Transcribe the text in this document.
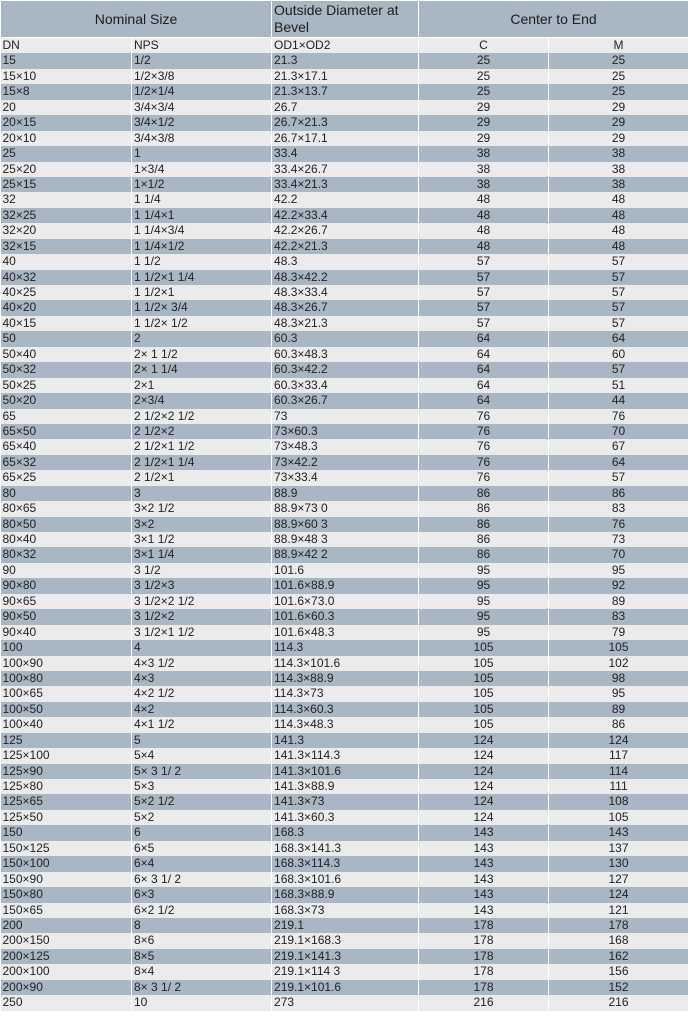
Nominal Size		Outside Diameter at Bevel	Center to End	
DN	NPS	OD1×OD2	C	M
15	1/2	21.3	25	25
15×10	1/2×3/8	21.3×17.1	25	25
15×8	1/2×1/4	21.3×13.7	25	25
20	3/4×3/4	26.7	29	29
20×15	3/4×1/2	26.7×21.3	29	29
20×10	3/4×3/8	26.7×17.1	29	29
25	1	33.4	38	38
25×20	1×3/4	33.4×26.7	38	38
25×15	1×1/2	33.4×21.3	38	38
32	1 1/4	42.2	48	48
32×25	1 1/4×1	42.2×33.4	48	48
32×20	1 1/4×3/4	42.2×26.7	48	48
32×15	1 1/4×1/2	42.2×21.3	48	48
40	1 1/2	48.3	57	57
40×32	1 1/2×1 1/4	48.3×42.2	57	57
40×25	1 1/2×1	48.3×33.4	57	57
40×20	1 1/2× 3/4	48.3×26.7	57	57
40×15	1 1/2× 1/2	48.3×21.3	57	57
50	2	60.3	64	64
50×40	2× 1 1/2	60.3×48.3	64	60
50×32	2× 1 1/4	60.3×42.2	64	57
50×25	2×1	60.3×33.4	64	51
50×20	2×3/4	60.3×26.7	64	44
65	2 1/2×2 1/2	73	76	76
65×50	2 1/2×2	73×60.3	76	70
65×40	2 1/2×1 1/2	73×48.3	76	67
65×32	2 1/2×1 1/4	73×42.2	76	64
65×25	2 1/2×1	73×33.4	76	57
80	3	88.9	86	86
80×65	3×2 1/2	88.9×73 0	86	83
80×50	3×2	88.9×60 3	86	76
80×40	3×1 1/2	88.9×48 3	86	73
80×32	3×1 1/4	88.9×42 2	86	70
90	3 1/2	101.6	95	95
90×80	3 1/2×3	101.6×88.9	95	92
90×65	3 1/2×2 1/2	101.6×73.0	95	89
90×50	3 1/2×2	101.6×60.3	95	83
90×40	3 1/2×1 1/2	101.6×48.3	95	79
100	4	114.3	105	105
100×90	4×3 1/2	114.3×101.6	105	102
100×80	4×3	114.3×88.9	105	98
100×65	4×2 1/2	114.3×73	105	95
100×50	4×2	114.3×60.3	105	89
100×40	4×1 1/2	114.3×48.3	105	86
125	5	141.3	124	124
125×100	5×4	141.3×114.3	124	117
125×90	5× 3 1/ 2	141.3×101.6	124	114
125×80	5×3	141.3×88.9	124	111
125×65	5×2 1/2	141.3×73	124	108
125×50	5×2	141.3×60.3	124	105
150	6	168.3	143	143
150×125	6×5	168.3×141.3	143	137
150×100	6×4	168.3×114.3	143	130
150×90	6× 3 1/ 2	168.3×101.6	143	127
150×80	6×3	168.3×88.9	143	124
150×65	6×2 1/2	168.3×73	143	121
200	8	219.1	178	178
200×150	8×6	219.1×168.3	178	168
200×125	8×5	219.1×141.3	178	162
200×100	8×4	219.1×114 3	178	156
200×90	8× 3 1/ 2	219.1×101.6	178	152
250	10	273	216	216
